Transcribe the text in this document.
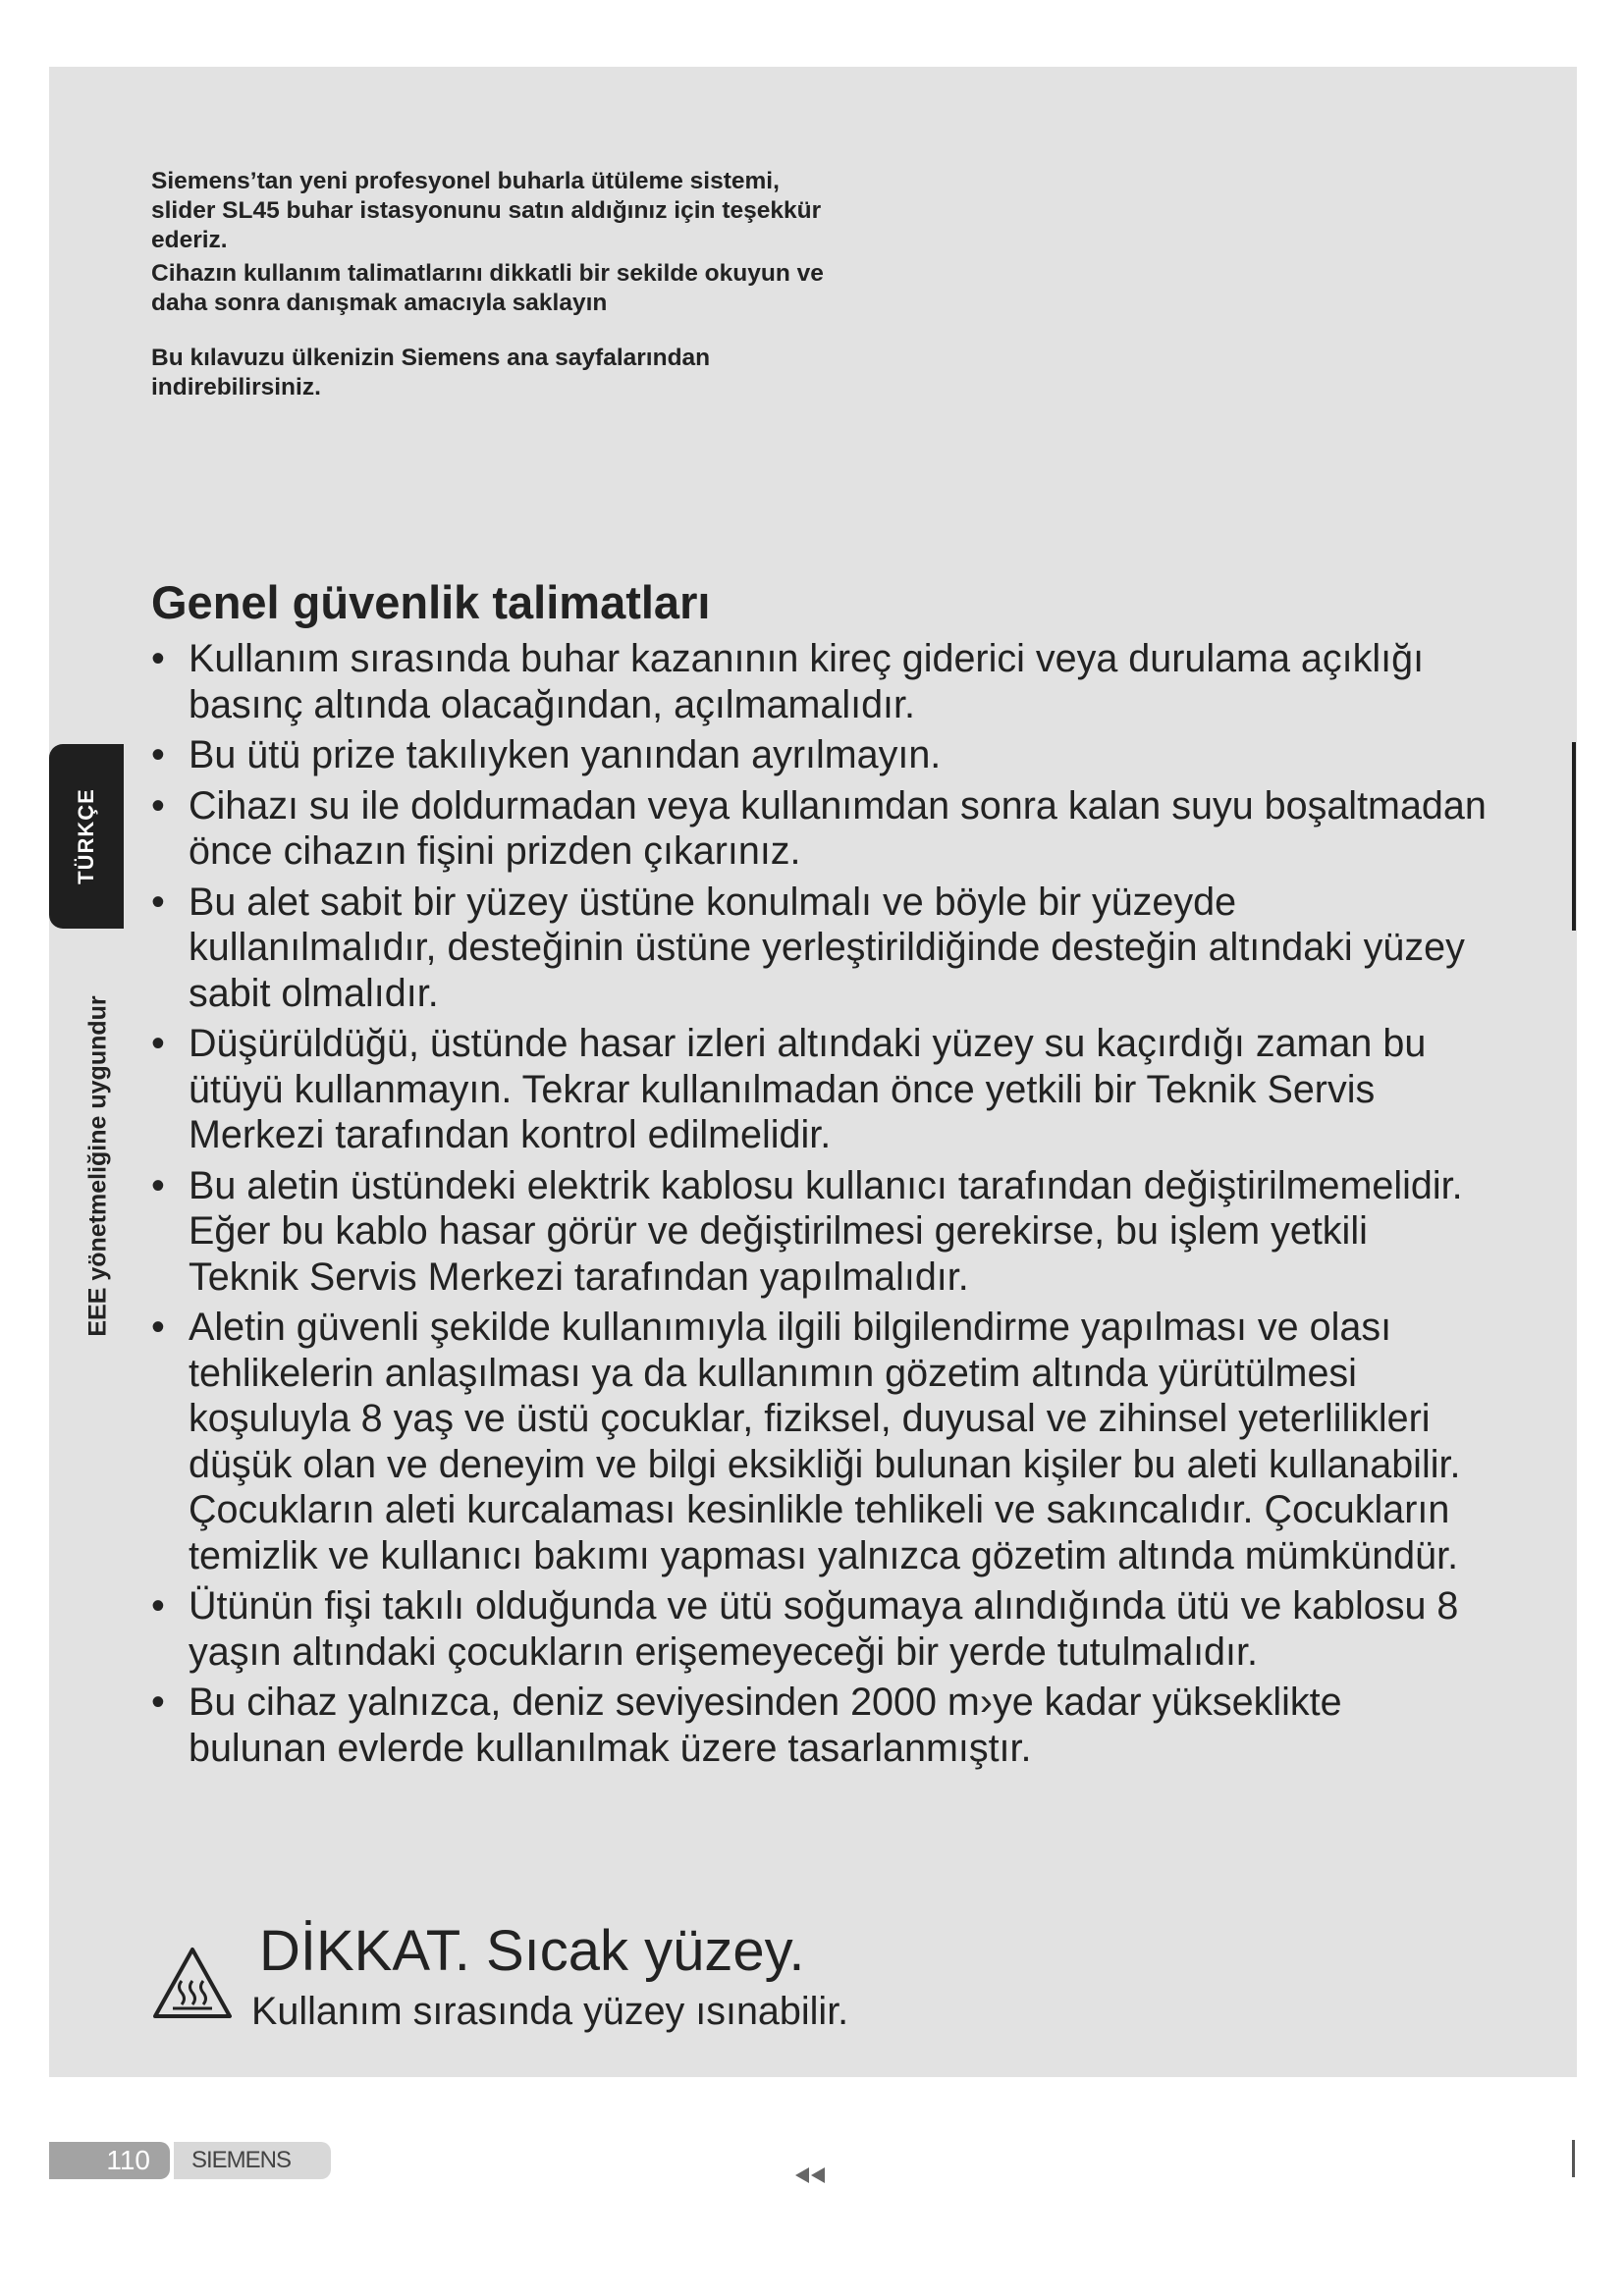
Siemens’tan yeni profesyonel buharla ütüleme sistemi, slider SL45 buhar istasyonunu satın aldığınız için teşekkür ederiz.

Cihazın kullanım talimatlarını dikkatli bir sekilde okuyun ve daha sonra danışmak amacıyla saklayın

Bu kılavuzu ülkenizin Siemens ana sayfalarından indirebilirsiniz.

Genel güvenlik talimatları
• Kullanım sırasında buhar kazanının kireç giderici veya durulama açıklığı basınç altında olacağından, açılmamalıdır.
• Bu ütü prize takılıyken yanından ayrılmayın.
• Cihazı su ile doldurmadan veya kullanımdan sonra kalan suyu boşaltmadan önce cihazın fişini prizden çıkarınız.
• Bu alet sabit bir yüzey üstüne konulmalı ve böyle bir yüzeyde kullanılmalıdır, desteğinin üstüne yerleştirildiğinde desteğin altındaki yüzey sabit olmalıdır.
• Düşürüldüğü, üstünde hasar izleri altındaki yüzey su kaçırdığı zaman bu ütüyü kullanmayın. Tekrar kullanılmadan önce yetkili bir Teknik Servis Merkezi tarafından kontrol edilmelidir.
• Bu aletin üstündeki elektrik kablosu kullanıcı tarafından değiştirilmemelidir. Eğer bu kablo hasar görür ve değiştirilmesi gerekirse, bu işlem yetkili Teknik Servis Merkezi tarafından yapılmalıdır.
• Aletin güvenli şekilde kullanımıyla ilgili bilgilendirme yapılması ve olası tehlikelerin anlaşılması ya da kullanımın gözetim altında yürütülmesi koşuluyla 8 yaş ve üstü çocuklar, fiziksel, duyusal ve zihinsel yeterlilikleri düşük olan ve deneyim ve bilgi eksikliği bulunan kişiler bu aleti kullanabilir. Çocukların aleti kurcalaması kesinlikle tehlikeli ve sakıncalıdır. Çocukların temizlik ve kullanıcı bakımı yapması yalnızca gözetim altında mümkündür.
• Ütünün fişi takılı olduğunda ve ütü soğumaya alındığında ütü ve kablosu 8 yaşın altındaki çocukların erişemeyeceği bir yerde tutulmalıdır.
• Bu cihaz yalnızca, deniz seviyesinden 2000 m›ye kadar yükseklikte bulunan evlerde kullanılmak üzere tasarlanmıştır.
DİKKAT. Sıcak yüzey.
Kullanım sırasında yüzey ısınabilir.
TÜRKÇE
EEE yönetmeliğine uygundur
110	SIEMENS
